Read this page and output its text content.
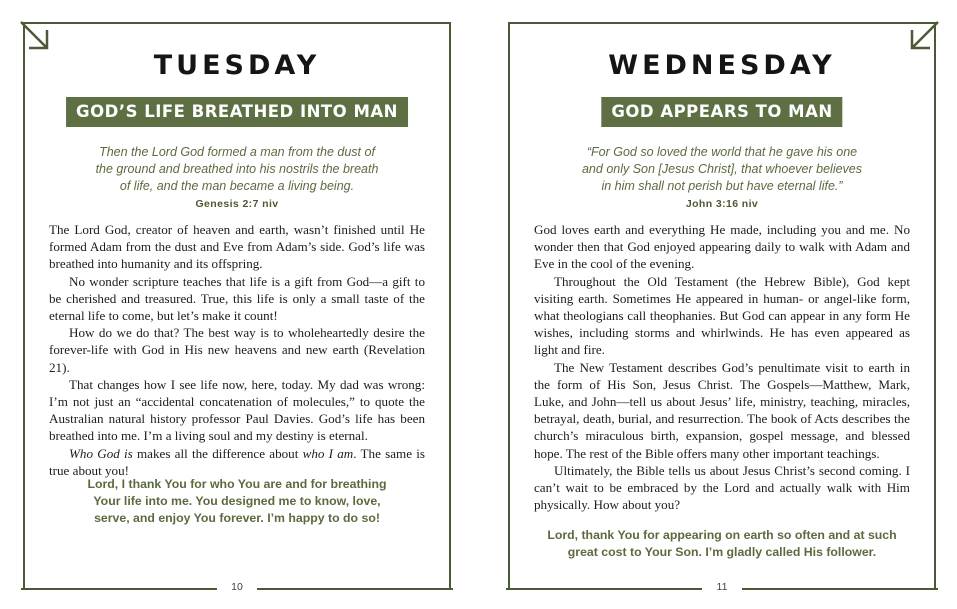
TUESDAY
GOD’S LIFE BREATHED INTO MAN
Then the Lord God formed a man from the dust of
the ground and breathed into his nostrils the breath
of life, and the man became a living being.
Genesis 2:7 niv

The Lord God, creator of heaven and earth, wasn’t finished until He formed Adam from the dust and Eve from Adam’s side. God’s life was breathed into humanity and its offspring.

No wonder scripture teaches that life is a gift from God—a gift to be cherished and treasured. True, this life is only a small taste of the eternal life to come, but let’s make it count!

How do we do that? The best way is to wholeheartedly desire the forever-life with God in His new heavens and new earth (Revelation 21).

That changes how I see life now, here, today. My dad was wrong: I’m not just an “accidental concatenation of molecules,” to quote the Australian natural history professor Paul Davies. God’s life has been breathed into me. I’m a living soul and my destiny is eternal.

Who God is makes all the difference about who I am. The same is true about you!

Lord, I thank You for who You are and for breathing
Your life into me. You designed me to know, love,
serve, and enjoy You forever. I’m happy to do so!
10
WEDNESDAY
GOD APPEARS TO MAN
“For God so loved the world that he gave his one
and only Son [Jesus Christ], that whoever believes
in him shall not perish but have eternal life.”
John 3:16 niv

God loves earth and everything He made, including you and me. No wonder then that God enjoyed appearing daily to walk with Adam and Eve in the cool of the evening.

Throughout the Old Testament (the Hebrew Bible), God kept visiting earth. Sometimes He appeared in human- or angel-like form, what theologians call theophanies. But God can appear in any form He wishes, including storms and whirlwinds. He has even appeared as light and fire.

The New Testament describes God’s penultimate visit to earth in the form of His Son, Jesus Christ. The Gospels—Matthew, Mark, Luke, and John—tell us about Jesus’ life, ministry, teaching, miracles, betrayal, death, burial, and resurrection. The book of Acts describes the church’s miraculous birth, expansion, gospel message, and blessed hope. The rest of the Bible offers many other important teachings.

Ultimately, the Bible tells us about Jesus Christ’s second coming. I can’t wait to be embraced by the Lord and actually walk with Him physically. How about you?

Lord, thank You for appearing on earth so often and at such
great cost to Your Son. I’m gladly called His follower.
11
